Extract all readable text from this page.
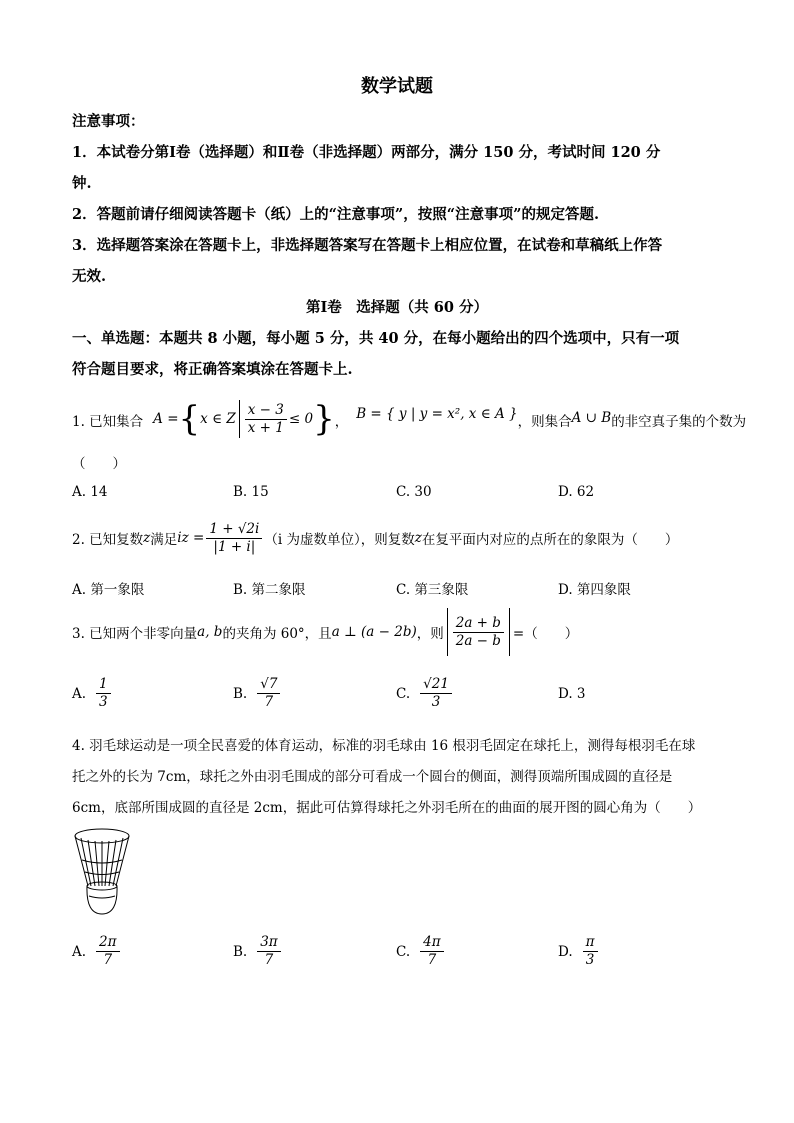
数学试题
注意事项：
1．本试卷分第Ⅰ卷（选择题）和Ⅱ卷（非选择题）两部分，满分 150 分，考试时间 120 分
钟.
2．答题前请仔细阅读答题卡（纸）上的“注意事项”，按照“注意事项”的规定答题.
3．选择题答案涂在答题卡上，非选择题答案写在答题卡上相应位置，在试卷和草稿纸上作答
无效.
第Ⅰ卷　选择题（共 60 分）
一、单选题：本题共 8 小题，每小题 5 分，共 40 分，在每小题给出的四个选项中，只有一项
符合题目要求，将正确答案填涂在答题卡上.
1. 已知集合 A = { x ∈ Z $\frac{x - 3}{x + 1} \le 0$ } ， B = { y | y = x², x ∈ A } ，则集合 A ∪ B 的非空真子集的个数为
（　　）
A. 14	B. 15	C. 30	D. 62
2. 已知复数 z 满足 iz = $\frac{1 + √2i}{|1 + i|} (i$ 为虚数单位），则复数 z 在复平面内对应的点所在的象限为（　　）
A. 第一象限	B. 第二象限	C. 第三象限	D. 第四象限
3. 已知两个非零向量 a, b 的夹角为 60°，且 a ⊥ (a − 2b) ，则 $\frac{2a + b}{2a - b}$ =（　　）
A. $\frac{1}{3}$	B. $\frac{√7}{7}$	C. $\frac{√21}{3}$	D. 3
4. 羽毛球运动是一项全民喜爱的体育运动，标准的羽毛球由 16 根羽毛固定在球托上，测得每根羽毛在球
托之外的长为 7cm，球托之外由羽毛围成的部分可看成一个圆台的侧面，测得顶端所围成圆的直径是
6cm，底部所围成圆的直径是 2cm，据此可估算得球托之外羽毛所在的曲面的展开图的圆心角为（　　）
A. $\frac{2\pi}{7}$	B. $\frac{3\pi}{7}$	C. $\frac{4\pi}{7}$	D. $\frac{\pi}{3}$
